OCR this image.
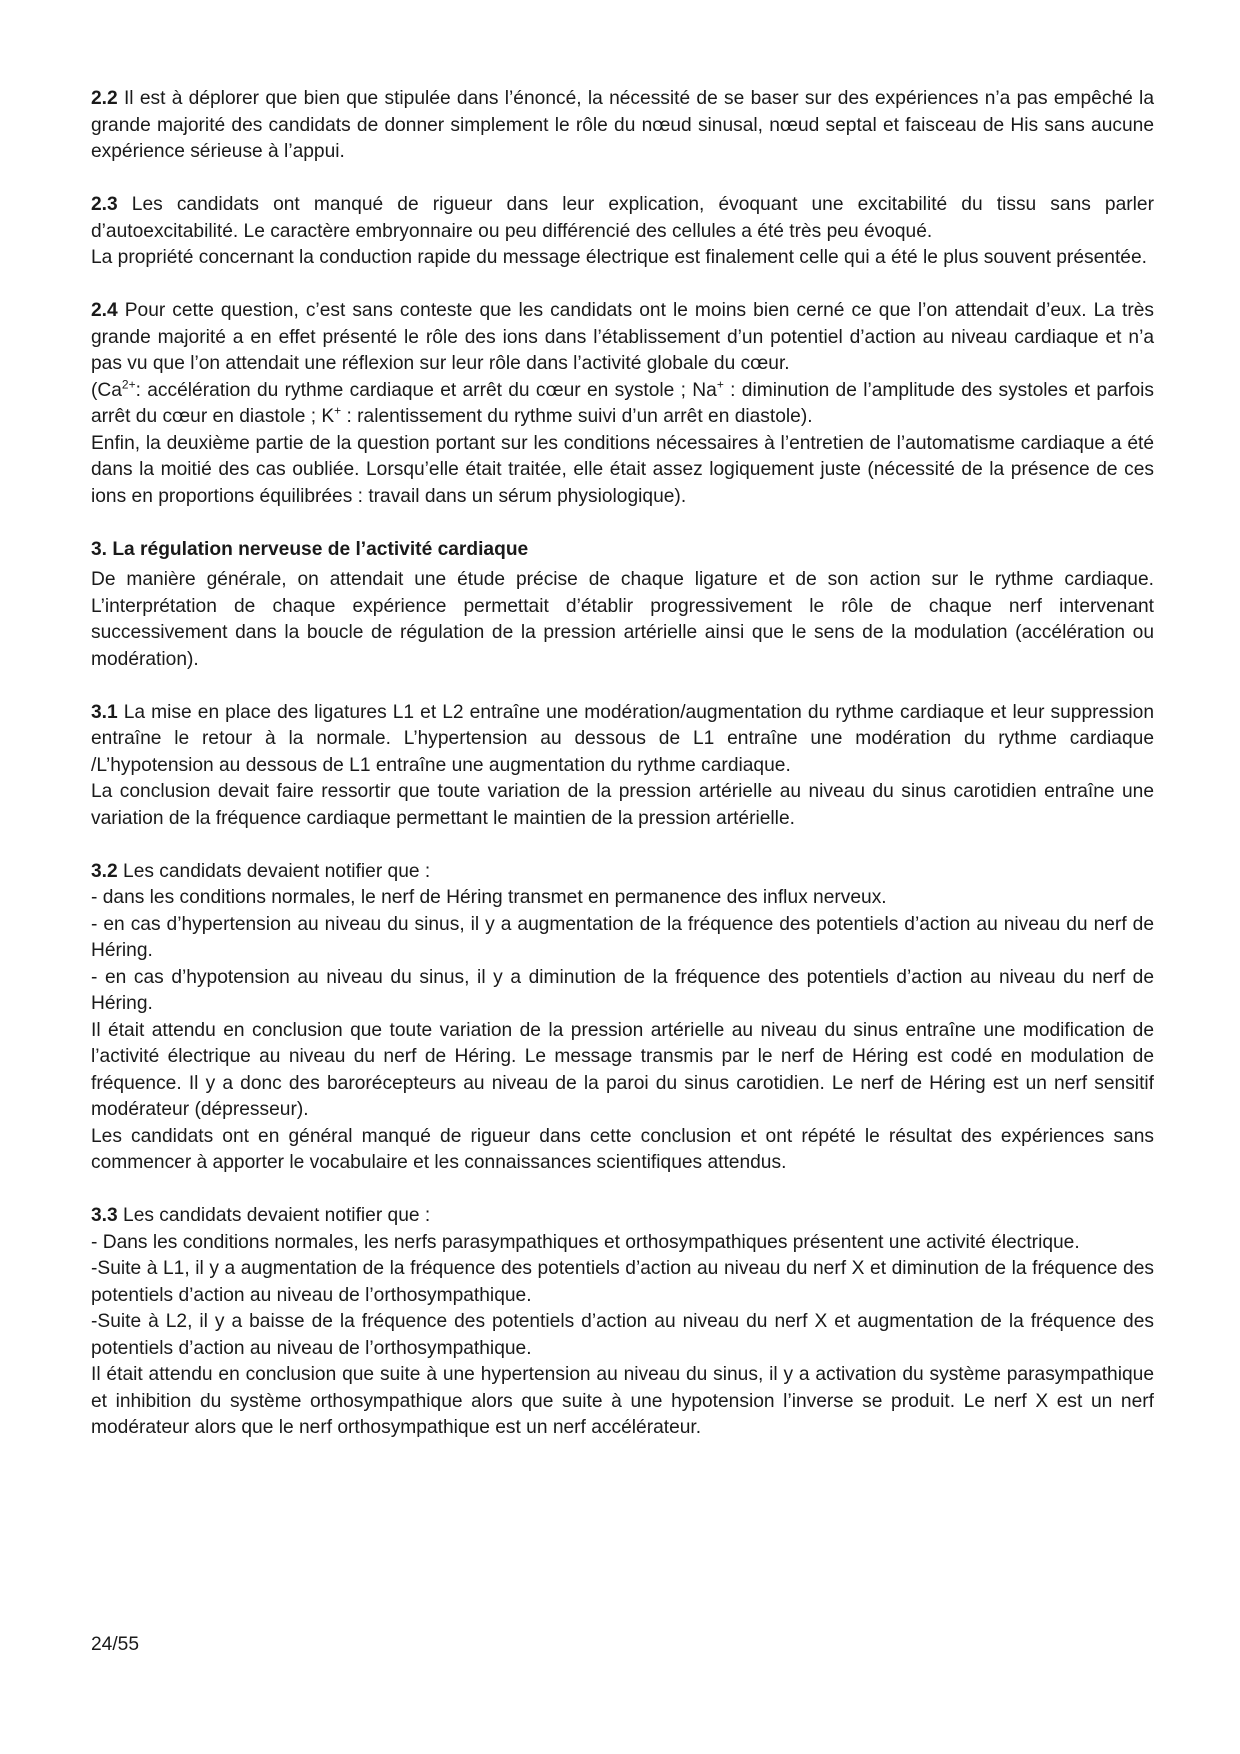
2.2 Il est à déplorer que bien que stipulée dans l’énoncé, la nécessité de se baser sur des expériences n’a pas empêché la grande majorité des candidats de donner simplement le rôle du nœud sinusal, nœud septal et faisceau de His sans aucune expérience sérieuse à l’appui.

2.3 Les candidats ont manqué de rigueur dans leur explication, évoquant une excitabilité du tissu sans parler d’autoexcitabilité. Le caractère embryonnaire ou peu différencié des cellules a été très peu évoqué.

La propriété concernant la conduction rapide du message électrique est finalement celle qui a été le plus souvent présentée.

2.4 Pour cette question, c’est sans conteste que les candidats ont le moins bien cerné ce que l’on attendait d’eux. La très grande majorité a en effet présenté le rôle des ions dans l’établissement d’un potentiel d’action au niveau cardiaque et n’a pas vu que l’on attendait une réflexion sur leur rôle dans l’activité globale du cœur.

($Ca^{2+}$: accélération du rythme cardiaque et arrêt du cœur en systole ; Na+ : diminution de l’amplitude des systoles et parfois arrêt du cœur en diastole ; K+ : ralentissement du rythme suivi d’un arrêt en diastole).

Enfin, la deuxième partie de la question portant sur les conditions nécessaires à l’entretien de l’automatisme cardiaque a été dans la moitié des cas oubliée. Lorsqu’elle était traitée, elle était assez logiquement juste (nécessité de la présence de ces ions en proportions équilibrées : travail dans un sérum physiologique).

3. La régulation nerveuse de l’activité cardiaque

De manière générale, on attendait une étude précise de chaque ligature et de son action sur le rythme cardiaque. L’interprétation de chaque expérience permettait d’établir progressivement le rôle de chaque nerf intervenant successivement dans la boucle de régulation de la pression artérielle ainsi que le sens de la modulation (accélération ou modération).

3.1 La mise en place des ligatures L1 et L2 entraîne une modération/augmentation du rythme cardiaque et leur suppression entraîne le retour à la normale. L’hypertension au dessous de L1 entraîne une modération du rythme cardiaque /L’hypotension au dessous de L1 entraîne une augmentation du rythme cardiaque.

La conclusion devait faire ressortir que toute variation de la pression artérielle au niveau du sinus carotidien entraîne une variation de la fréquence cardiaque permettant le maintien de la pression artérielle.

3.2 Les candidats devaient notifier que :

- dans les conditions normales, le nerf de Héring transmet en permanence des influx nerveux.

- en cas d’hypertension au niveau du sinus, il y a augmentation de la fréquence des potentiels d’action au niveau du nerf de Héring.

- en cas d’hypotension au niveau du sinus, il y a diminution de la fréquence des potentiels d’action au niveau du nerf de Héring.

Il était attendu en conclusion que toute variation de la pression artérielle au niveau du sinus entraîne une modification de l’activité électrique au niveau du nerf de Héring. Le message transmis par le nerf de Héring est codé en modulation de fréquence. Il y a donc des barorécepteurs au niveau de la paroi du sinus carotidien. Le nerf de Héring est un nerf sensitif modérateur (dépresseur).

Les candidats ont en général manqué de rigueur dans cette conclusion et ont répété le résultat des expériences sans commencer à apporter le vocabulaire et les connaissances scientifiques attendus.

3.3 Les candidats devaient notifier que :

- Dans les conditions normales, les nerfs parasympathiques et orthosympathiques présentent une activité électrique.

-Suite à L1, il y a augmentation de la fréquence des potentiels d’action au niveau du nerf X et diminution de la fréquence des potentiels d’action au niveau de l’orthosympathique.

-Suite à L2, il y a baisse de la fréquence des potentiels d’action au niveau du nerf X et augmentation de la fréquence des potentiels d’action au niveau de l’orthosympathique.

Il était attendu en conclusion que suite à une hypertension au niveau du sinus, il y a activation du système parasympathique et inhibition du système orthosympathique alors que suite à une hypotension l’inverse se produit. Le nerf X est un nerf modérateur alors que le nerf orthosympathique est un nerf accélérateur.

24/55
